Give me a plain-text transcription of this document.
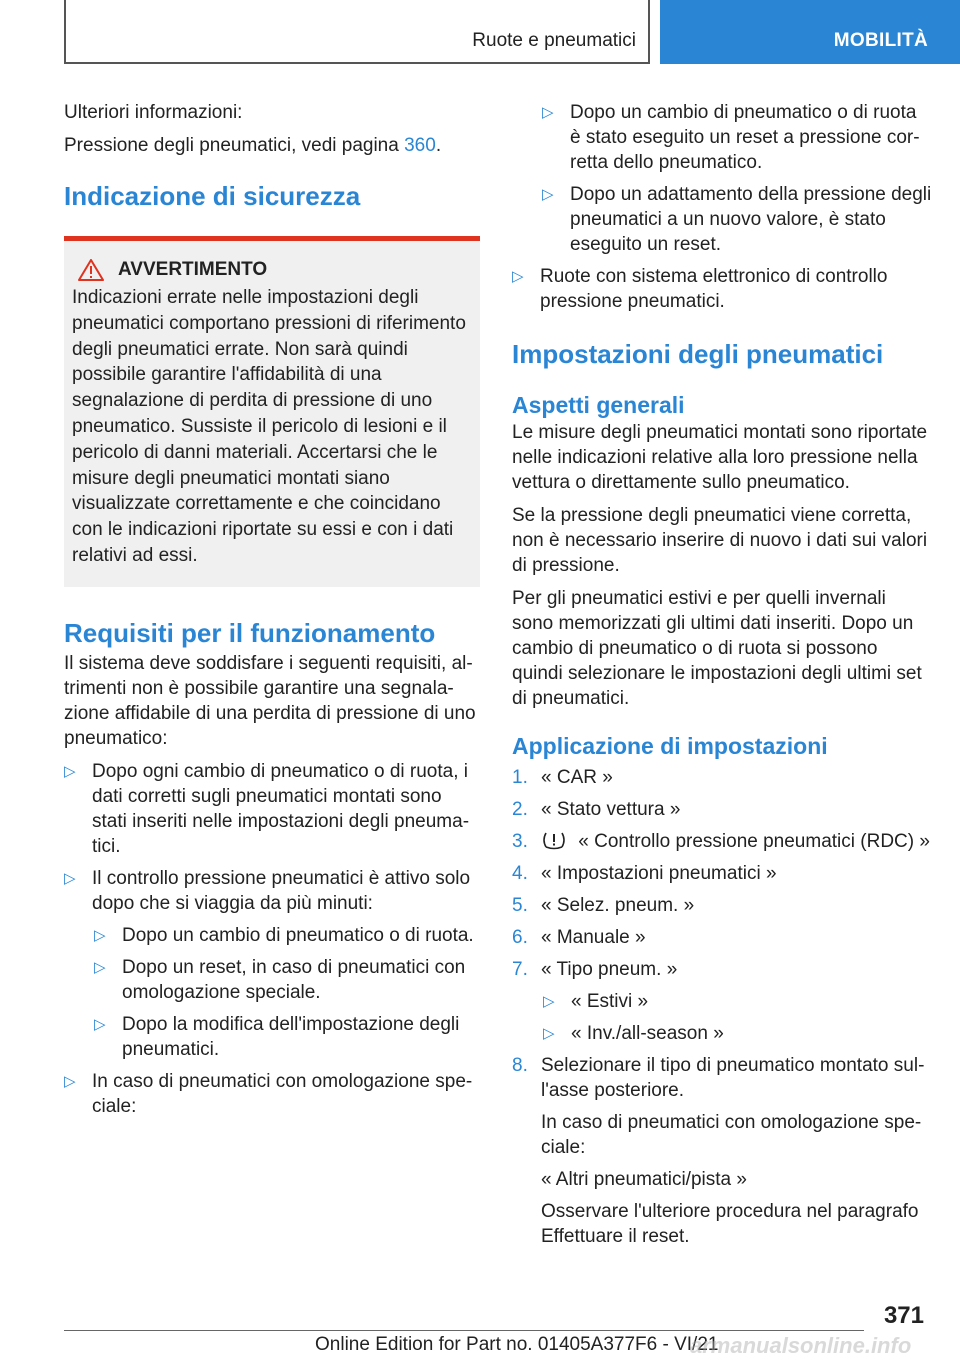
Ruote e pneumatici	MOBILITÀ

Ulteriori informazioni:

Pressione degli pneumatici, vedi pagina 360.

Indicazione di sicurezza
AVVERTIMENTO
Indicazioni errate nelle impostazioni degli pneumatici comportano pressioni di riferimento degli pneumatici errate. Non sarà quindi possibile garantire l'affidabilità di una segnalazione di perdita di pressione di uno pneumatico. Sussiste il pericolo di lesioni e il pericolo di danni materiali. Accertarsi che le misure degli pneumatici montati siano visualizzate correttamente e che coincidano con le indicazioni riportate su essi e con i dati relativi ad essi.
Requisiti per il funzionamento

Il sistema deve soddisfare i seguenti requisiti, altrimenti non è possibile garantire una segnalazione affidabile di una perdita di pressione di uno pneumatico:

▷ Dopo ogni cambio di pneumatico o di ruota, i dati corretti sugli pneumatici montati sono stati inseriti nelle impostazioni degli pneumatici.
▷ Il controllo pressione pneumatici è attivo solo dopo che si viaggia da più minuti:
▷ Dopo un cambio di pneumatico o di ruota.
▷ Dopo un reset, in caso di pneumatici con omologazione speciale.
▷ Dopo la modifica dell'impostazione degli pneumatici.
▷ In caso di pneumatici con omologazione speciale:
▷ Dopo un cambio di pneumatico o di ruota è stato eseguito un reset a pressione corretta dello pneumatico.
▷ Dopo un adattamento della pressione degli pneumatici a un nuovo valore, è stato eseguito un reset.
▷ Ruote con sistema elettronico di controllo pressione pneumatici.
Impostazioni degli pneumatici
Aspetti generali

Le misure degli pneumatici montati sono riportate nelle indicazioni relative alla loro pressione nella vettura o direttamente sullo pneumatico.

Se la pressione degli pneumatici viene corretta, non è necessario inserire di nuovo i dati sui valori di pressione.

Per gli pneumatici estivi e per quelli invernali sono memorizzati gli ultimi dati inseriti. Dopo un cambio di pneumatico o di ruota si possono quindi selezionare le impostazioni degli ultimi set di pneumatici.

Applicazione di impostazioni
1. « CAR »
2. « Stato vettura »
3.	« Controllo pressione pneumatici (RDC) »
4. « Impostazioni pneumatici »
5. « Selez. pneum. »
6. « Manuale »
7. « Tipo pneum. »
▷ « Estivi »
▷ « Inv./all-season »
8. Selezionare il tipo di pneumatico montato sull'asse posteriore.

In caso di pneumatici con omologazione speciale:

« Altri pneumatici/pista »

Osservare l'ulteriore procedura nel paragrafo Effettuare il reset.

371
Online Edition for Part no. 01405A377F6 - VI/21
armanualsonline.info
